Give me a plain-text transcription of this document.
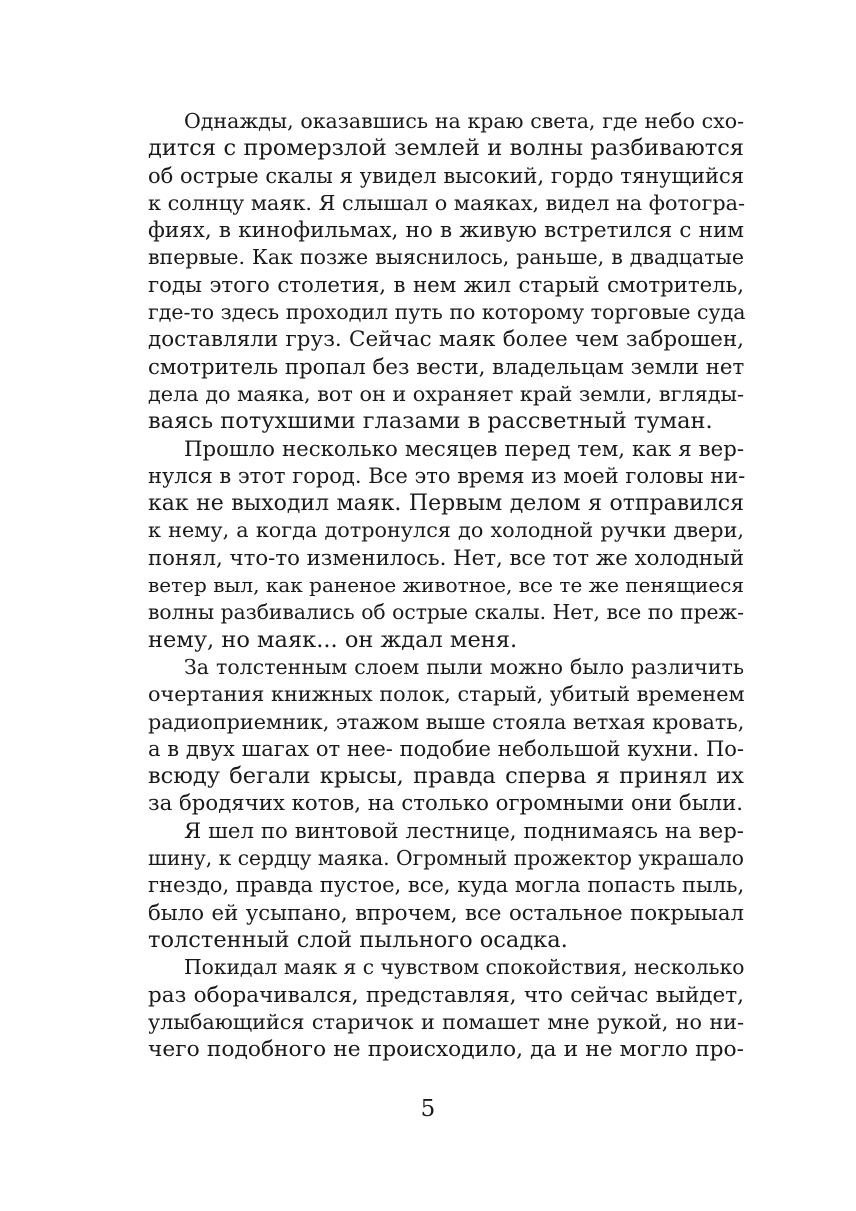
Однажды, оказавшись на краю света, где небо схо-
дится с промерзлой землей и волны разбиваются
об острые скалы я увидел высокий, гордо тянущийся
к солнцу маяк. Я слышал о маяках, видел на фотогра-
фиях, в кинофильмах, но в живую встретился с ним
впервые. Как позже выяснилось, раньше, в двадцатые
годы этого столетия, в нем жил старый смотритель,
где-то здесь проходил путь по которому торговые суда
доставляли груз. Сейчас маяк более чем заброшен,
смотритель пропал без вести, владельцам земли нет
дела до маяка, вот он и охраняет край земли, вгляды-
ваясь потухшими глазами в рассветный туман.
Прошло несколько месяцев перед тем, как я вер-
нулся в этот город. Все это время из моей головы ни-
как не выходил маяк. Первым делом я отправился
к нему, а когда дотронулся до холодной ручки двери,
понял, что-то изменилось. Нет, все тот же холодный
ветер выл, как раненое животное, все те же пенящиеся
волны разбивались об острые скалы. Нет, все по преж-
нему, но маяк... он ждал меня.
За толстенным слоем пыли можно было различить
очертания книжных полок, старый, убитый временем
радиоприемник, этажом выше стояла ветхая кровать,
а в двух шагах от нее- подобие небольшой кухни. По-
всюду бегали крысы, правда сперва я принял их
за бродячих котов, на столько огромными они были.
Я шел по винтовой лестнице, поднимаясь на вер-
шину, к сердцу маяка. Огромный прожектор украшало
гнездо, правда пустое, все, куда могла попасть пыль,
было ей усыпано, впрочем, все остальное покрыыал
толстенный слой пыльного осадка.
Покидал маяк я с чувством спокойствия, несколько
раз оборачивался, представляя, что сейчас выйдет,
улыбающийся старичок и помашет мне рукой, но ни-
чего подобного не происходило, да и не могло про-
5
